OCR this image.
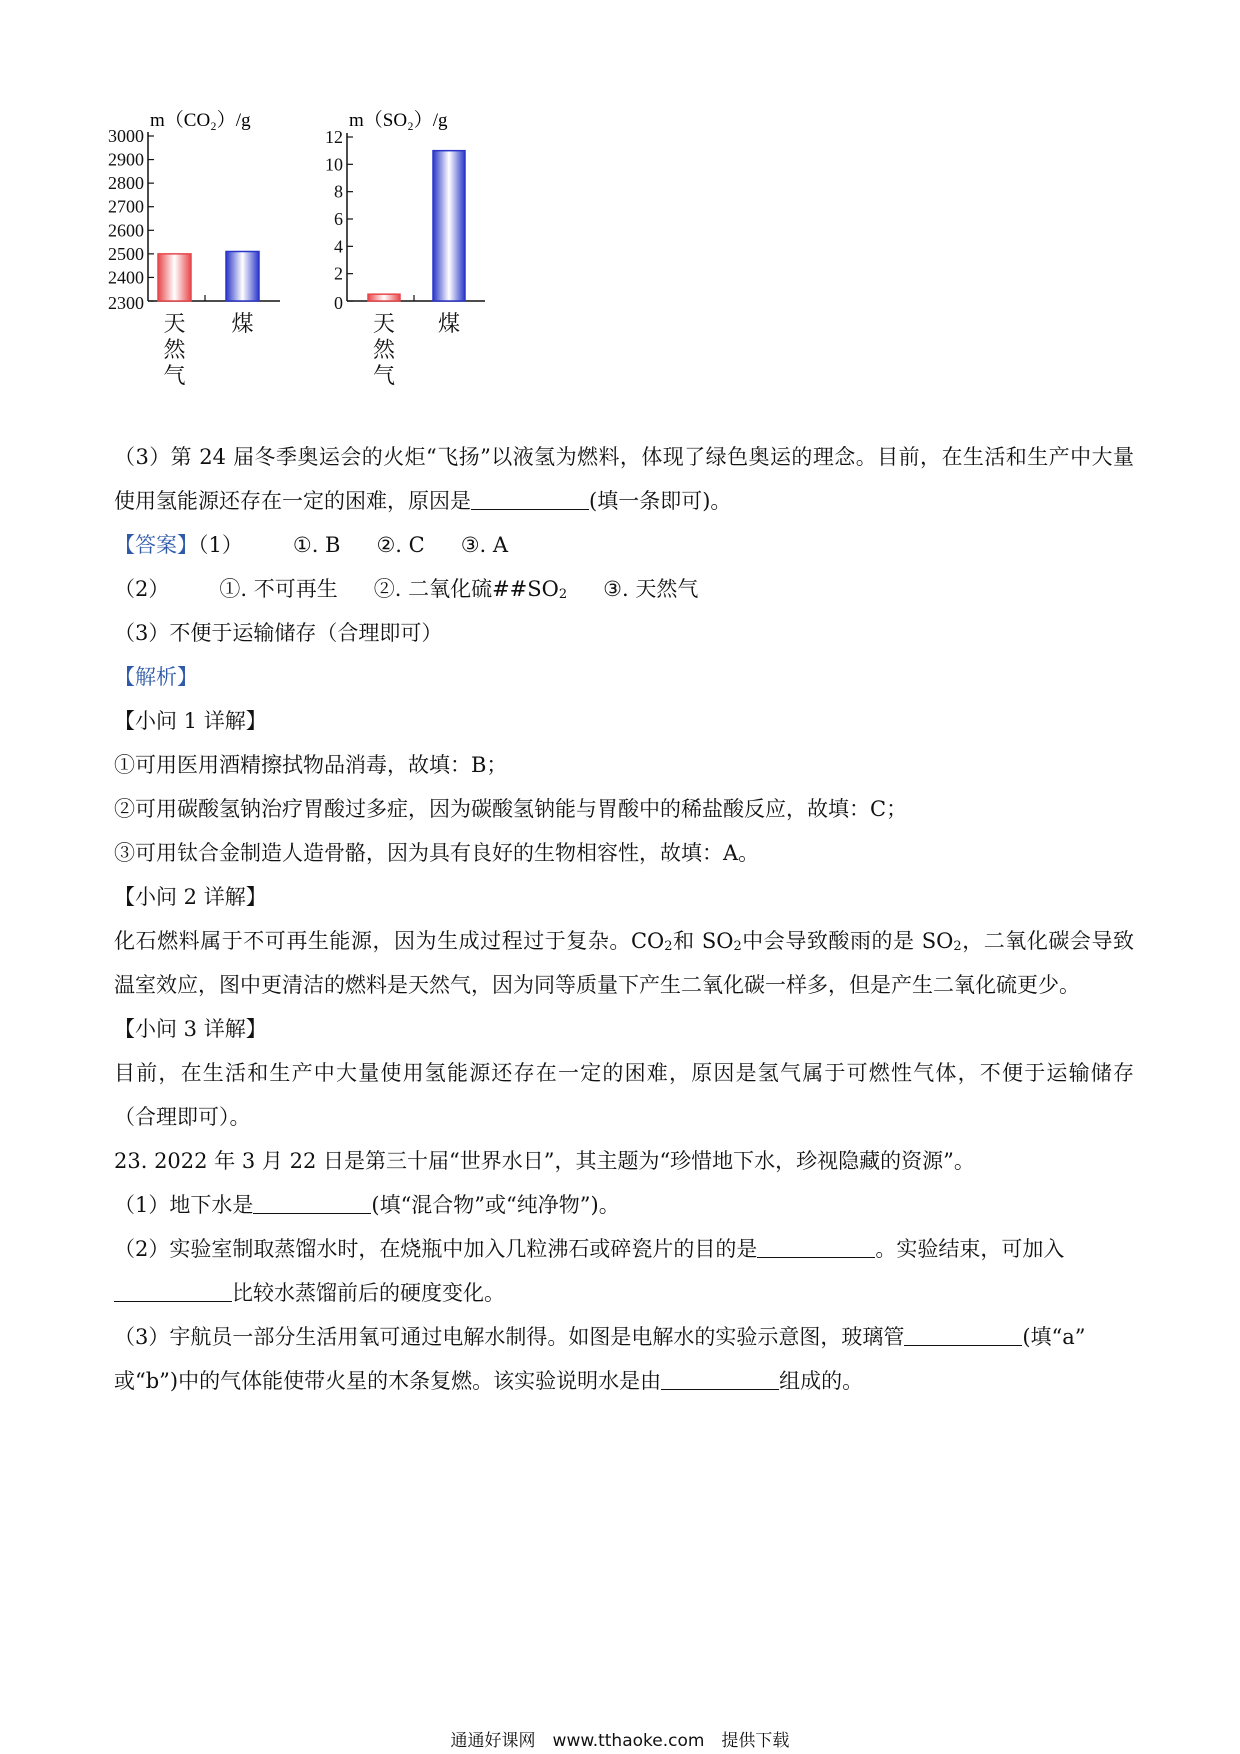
m（CO₂）/g
3000
2900
2800
2700
2600
2500
2400
2300
天然气
煤
m（SO₂）/g
12
10
8
6
4
2
0
天然气
煤
（3）第 24 届冬季奥运会的火炬“飞扬”以液氢为燃料，体现了绿色奥运的理念。目前，在生活和生产中大量
使用氢能源还存在一定的困难，原因是	(填一条即可)。
【答案】（1） ①. B ②. C ③. A
（2） ①. 不可再生 ②. 二氧化硫##SO2 ③. 天然气
（3）不便于运输储存（合理即可）
【解析】
【小问 1 详解】
①可用医用酒精擦拭物品消毒，故填：B；
②可用碳酸氢钠治疗胃酸过多症，因为碳酸氢钠能与胃酸中的稀盐酸反应，故填：C；
③可用钛合金制造人造骨骼，因为具有良好的生物相容性，故填：A。
【小问 2 详解】
化石燃料属于不可再生能源，因为生成过程过于复杂。CO2和 SO2中会导致酸雨的是 SO2，二氧化碳会导致
温室效应，图中更清洁的燃料是天然气，因为同等质量下产生二氧化碳一样多，但是产生二氧化硫更少。
【小问 3 详解】
目前，在生活和生产中大量使用氢能源还存在一定的困难，原因是氢气属于可燃性气体，不便于运输储存
（合理即可）。
23. 2022 年 3 月 22 日是第三十届“世界水日”，其主题为“珍惜地下水，珍视隐藏的资源”。
（1）地下水是	(填“混合物”或“纯净物”)。
（2）实验室制取蒸馏水时，在烧瓶中加入几粒沸石或碎瓷片的目的是	。实验结束，可加入
比较水蒸馏前后的硬度变化。
（3）宇航员一部分生活用氧可通过电解水制得。如图是电解水的实验示意图，玻璃管	(填“a”
或“b”)中的气体能使带火星的木条复燃。该实验说明水是由	组成的。
通通好课网　www.tthaoke.com　提供下载
